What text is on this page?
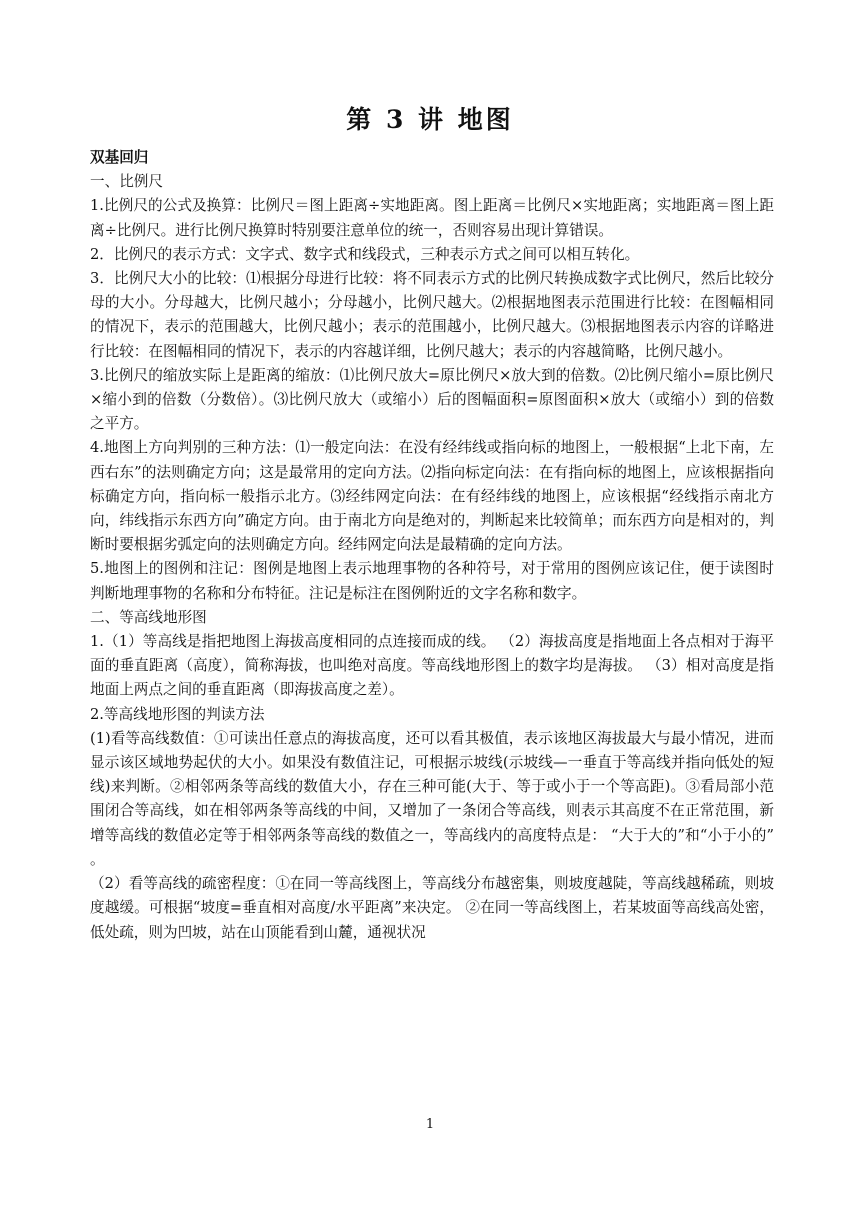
第 3 讲 地图

双基回归

一、比例尺

1.比例尺的公式及换算：比例尺＝图上距离÷实地距离。图上距离＝比例尺×实地距离；实地距离＝图上距离÷比例尺。进行比例尺换算时特别要注意单位的统一，否则容易出现计算错误。

2．比例尺的表示方式：文字式、数字式和线段式，三种表示方式之间可以相互转化。

3．比例尺大小的比较：⑴根据分母进行比较：将不同表示方式的比例尺转换成数字式比例尺，然后比较分母的大小。分母越大，比例尺越小；分母越小，比例尺越大。⑵根据地图表示范围进行比较：在图幅相同的情况下，表示的范围越大，比例尺越小；表示的范围越小，比例尺越大。⑶根据地图表示内容的详略进行比较：在图幅相同的情况下，表示的内容越详细，比例尺越大；表示的内容越简略，比例尺越小。

3.比例尺的缩放实际上是距离的缩放：⑴比例尺放大=原比例尺×放大到的倍数。⑵比例尺缩小=原比例尺×缩小到的倍数（分数倍）。⑶比例尺放大（或缩小）后的图幅面积=原图面积×放大（或缩小）到的倍数之平方。

4.地图上方向判别的三种方法：⑴一般定向法：在没有经纬线或指向标的地图上，一般根据“上北下南，左西右东”的法则确定方向；这是最常用的定向方法。⑵指向标定向法：在有指向标的地图上，应该根据指向标确定方向，指向标一般指示北方。⑶经纬网定向法：在有经纬线的地图上，应该根据“经线指示南北方向，纬线指示东西方向”确定方向。由于南北方向是绝对的，判断起来比较简单；而东西方向是相对的，判断时要根据劣弧定向的法则确定方向。经纬网定向法是最精确的定向方法。

5.地图上的图例和注记：图例是地图上表示地理事物的各种符号，对于常用的图例应该记住，便于读图时判断地理事物的名称和分布特征。注记是标注在图例附近的文字名称和数字。

二、等高线地形图

1.（1）等高线是指把地图上海拔高度相同的点连接而成的线。 （2）海拔高度是指地面上各点相对于海平面的垂直距离（高度），简称海拔，也叫绝对高度。等高线地形图上的数字均是海拔。 （3）相对高度是指 地面上两点之间的垂直距离（即海拔高度之差）。

2.等高线地形图的判读方法

(1)看等高线数值：①可读出任意点的海拔高度，还可以看其极值，表示该地区海拔最大与最小情况，进而显示该区域地势起伏的大小。如果没有数值注记，可根据示坡线(示坡线—一垂直于等高线并指向低处的短线)来判断。②相邻两条等高线的数值大小，存在三种可能(大于、等于或小于一个等高距)。③看局部小范围闭合等高线，如在相邻两条等高线的中间，又增加了一条闭合等高线，则表示其高度不在正常范围，新增等高线的数值必定等于相邻两条等高线的数值之一，等高线内的高度特点是： “大于大的”和“小于小的” 。

（2）看等高线的疏密程度：①在同一等高线图上，等高线分布越密集，则坡度越陡，等高线越稀疏，则坡度越缓。可根据“坡度=垂直相对高度/水平距离”来决定。 ②在同一等高线图上，若某坡面等高线高处密，低处疏，则为凹坡，站在山顶能看到山麓，通视状况

1
